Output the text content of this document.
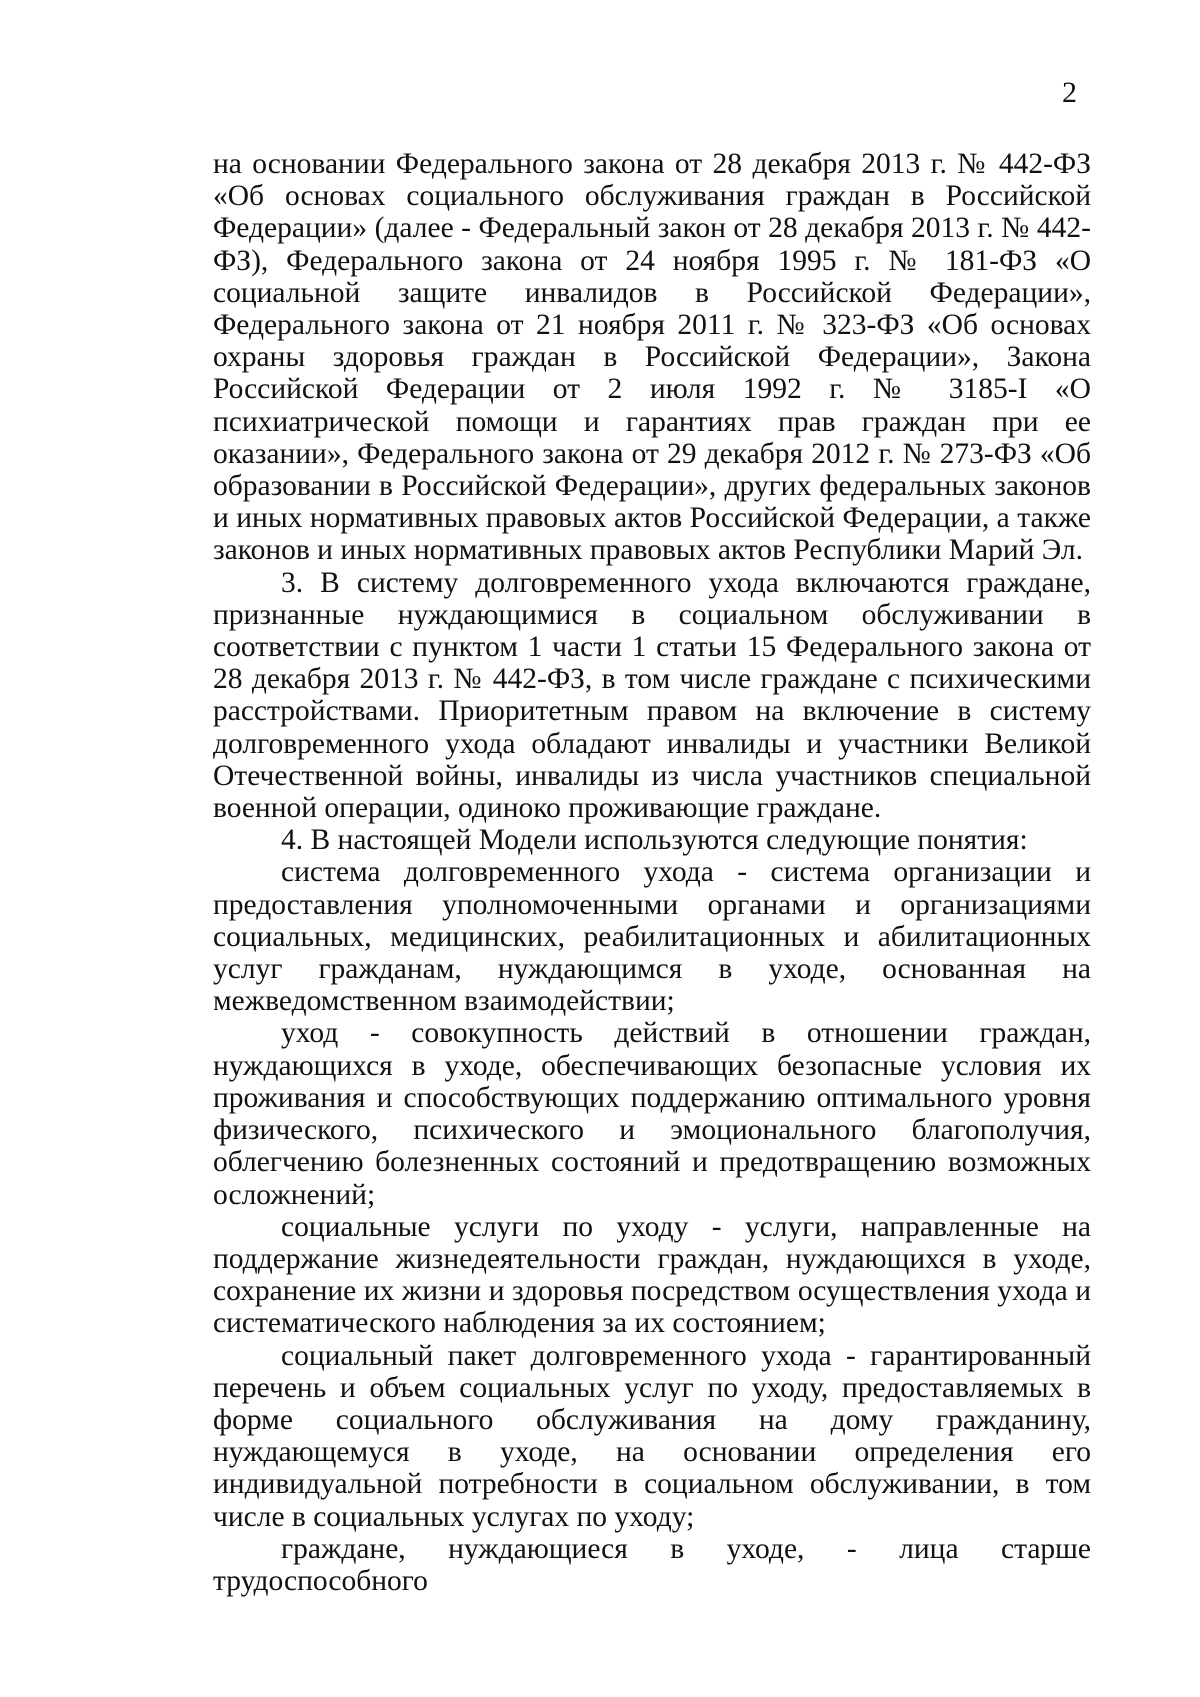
2

на основании Федерального закона от 28 декабря 2013 г. № 442-ФЗ «Об основах социального обслуживания граждан в Российской Федерации» (далее - Федеральный закон от 28 декабря 2013 г. № 442-ФЗ), Федерального закона от 24 ноября 1995 г. № 181-ФЗ «О социальной защите инвалидов в Российской Федерации», Федерального закона от 21 ноября 2011 г. № 323-ФЗ «Об основах охраны здоровья граждан в Российской Федерации», Закона Российской Федерации от 2 июля 1992 г. № 3185-I «О психиатрической помощи и гарантиях прав граждан при ее оказании», Федерального закона от 29 декабря 2012 г. № 273-ФЗ «Об образовании в Российской Федерации», других федеральных законов и иных нормативных правовых актов Российской Федерации, а также законов и иных нормативных правовых актов Республики Марий Эл.

3. В систему долговременного ухода включаются граждане, признанные нуждающимися в социальном обслуживании в соответствии с пунктом 1 части 1 статьи 15 Федерального закона от 28 декабря 2013 г. № 442-ФЗ, в том числе граждане с психическими расстройствами. Приоритетным правом на включение в систему долговременного ухода обладают инвалиды и участники Великой Отечественной войны, инвалиды из числа участников специальной военной операции, одиноко проживающие граждане.

4. В настоящей Модели используются следующие понятия:

система долговременного ухода - система организации и предоставления уполномоченными органами и организациями социальных, медицинских, реабилитационных и абилитационных услуг гражданам, нуждающимся в уходе, основанная на межведомственном взаимодействии;

уход - совокупность действий в отношении граждан, нуждающихся в уходе, обеспечивающих безопасные условия их проживания и способствующих поддержанию оптимального уровня физического, психического и эмоционального благополучия, облегчению болезненных состояний и предотвращению возможных осложнений;

социальные услуги по уходу - услуги, направленные на поддержание жизнедеятельности граждан, нуждающихся в уходе, сохранение их жизни и здоровья посредством осуществления ухода и систематического наблюдения за их состоянием;

социальный пакет долговременного ухода - гарантированный перечень и объем социальных услуг по уходу, предоставляемых в форме социального обслуживания на дому гражданину, нуждающемуся в уходе, на основании определения его индивидуальной потребности в социальном обслуживании, в том числе в социальных услугах по уходу;

граждане, нуждающиеся в уходе, - лица старше трудоспособного
